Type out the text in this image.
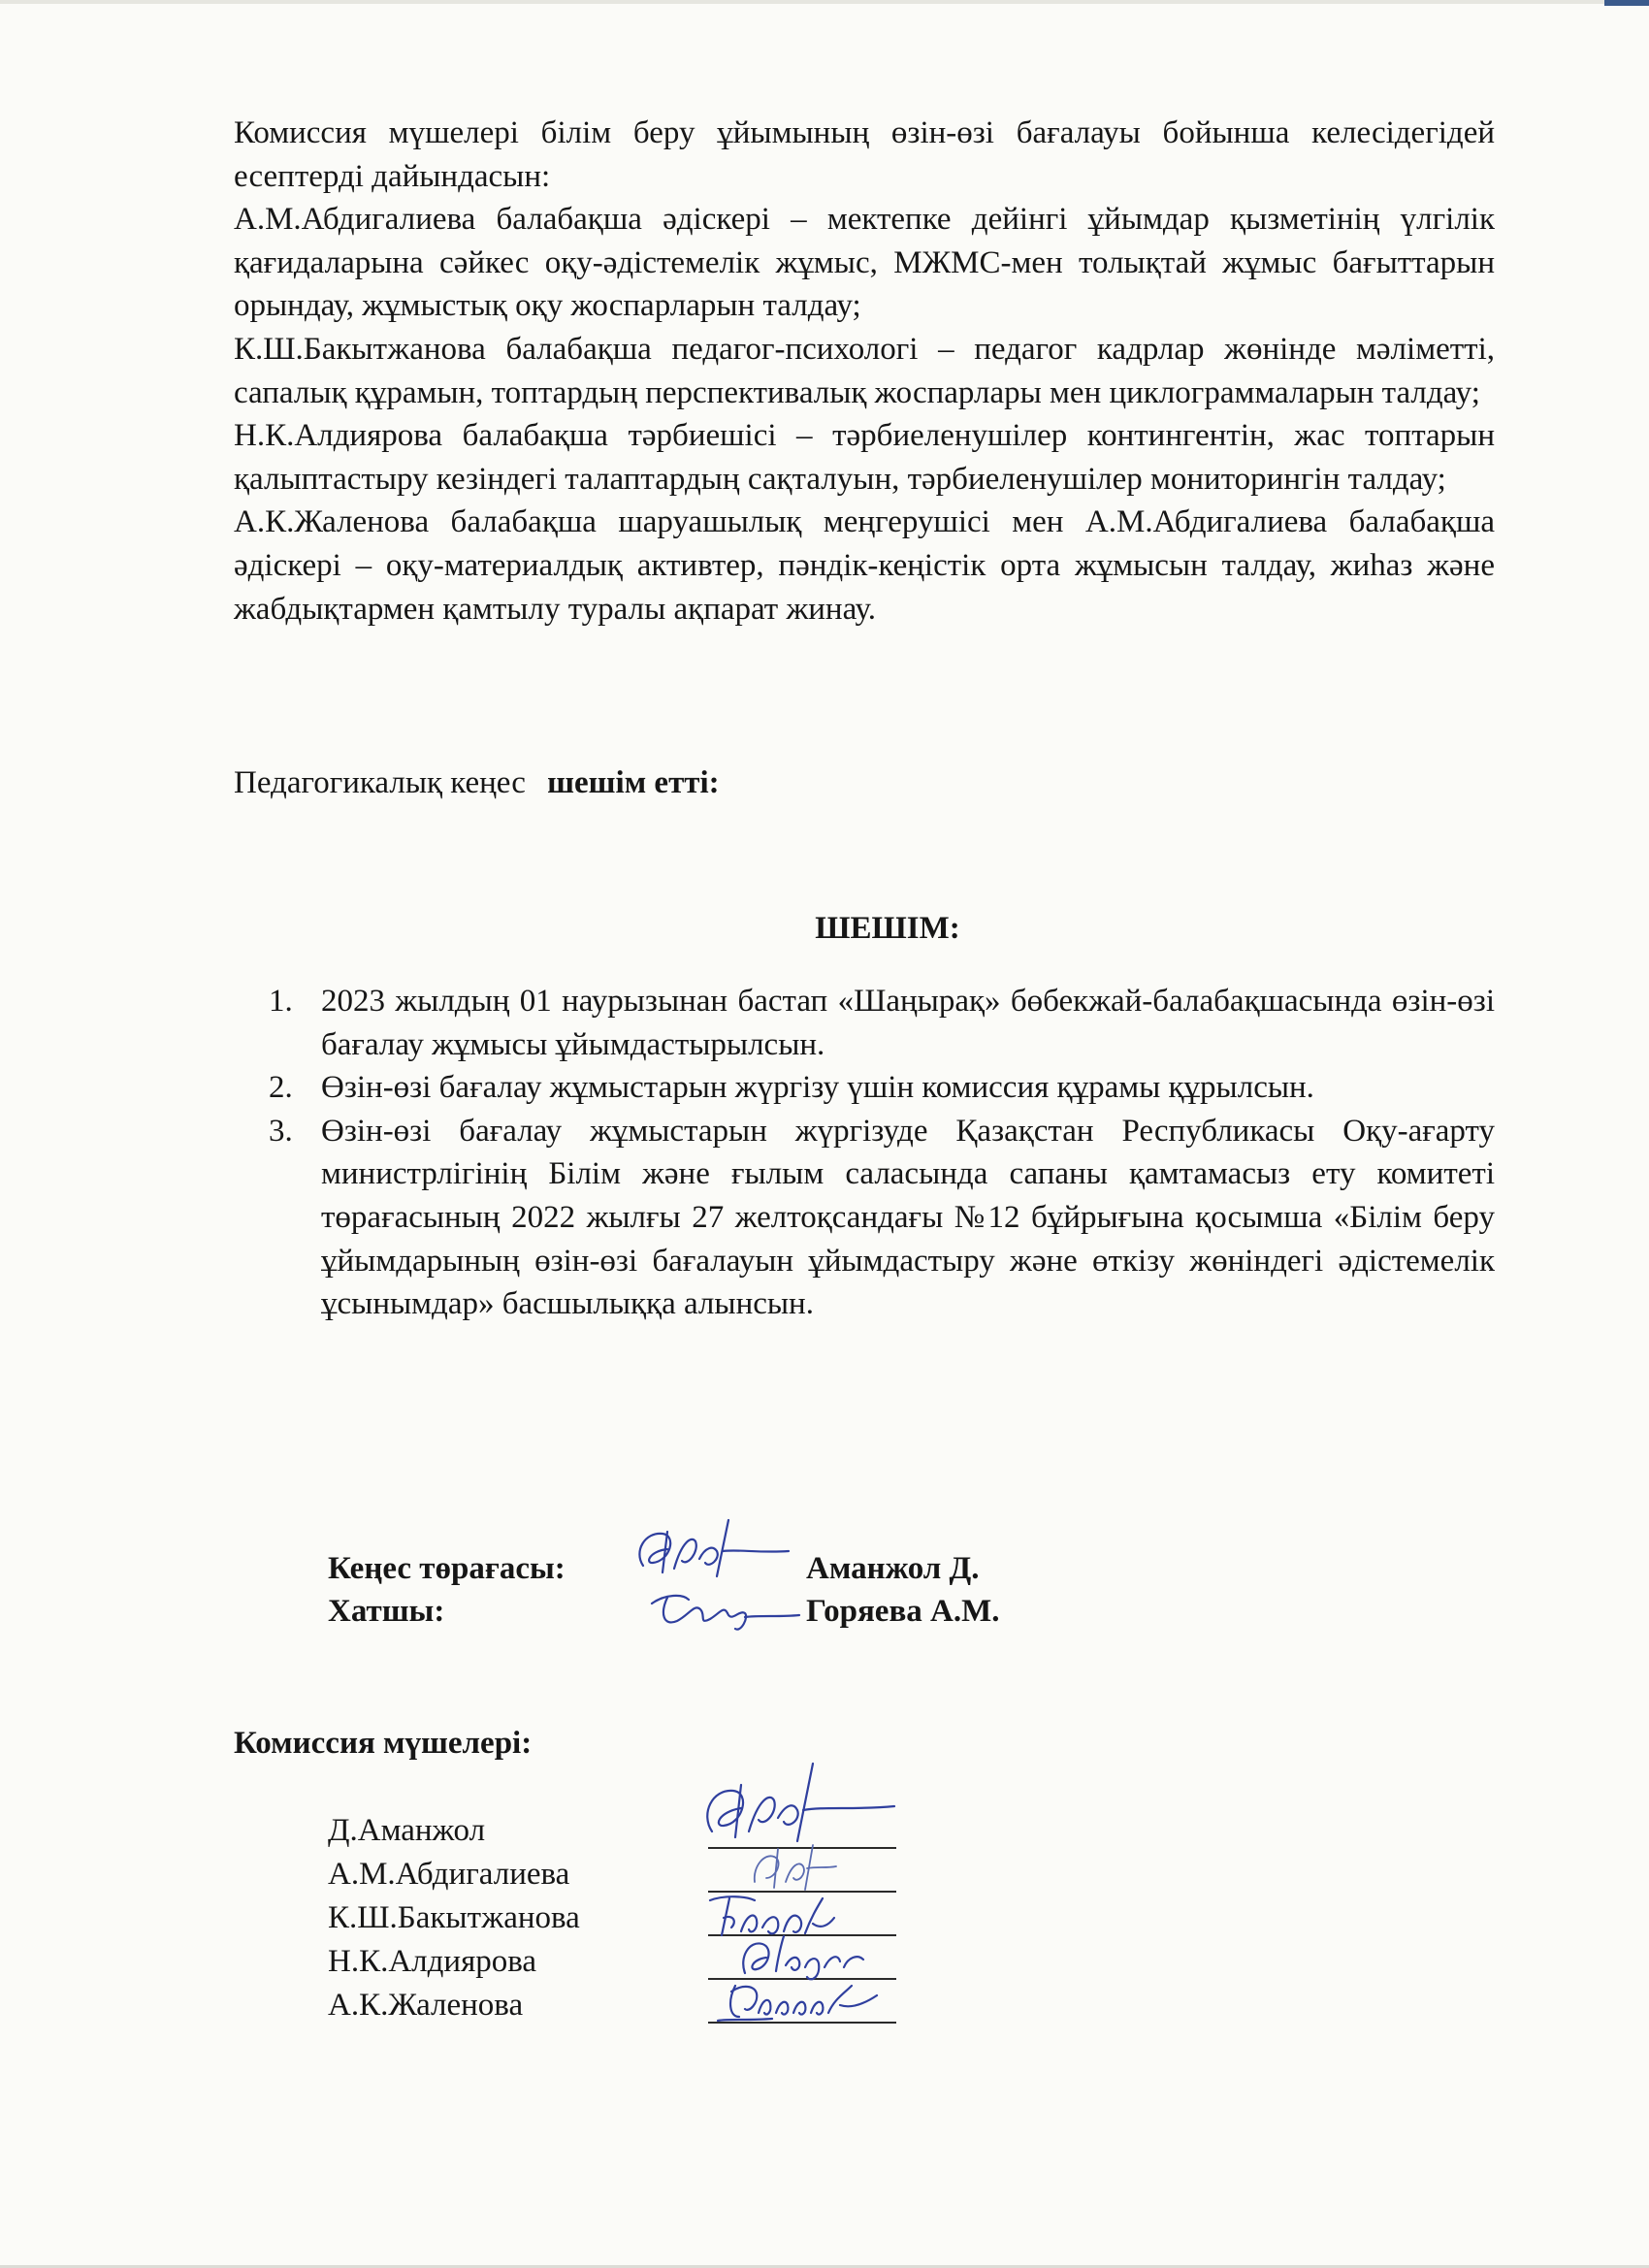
Комиссия мүшелері білім беру ұйымының өзін-өзі бағалауы бойынша келесідегідей есептерді дайындасын:

А.М.Абдигалиева балабақша әдіскері – мектепке дейінгі ұйымдар қызметінің үлгілік қағидаларына сәйкес оқу-әдістемелік жұмыс, МЖМС-мен толықтай жұмыс бағыттарын орындау, жұмыстық оқу жоспарларын талдау;

К.Ш.Бакытжанова балабақша педагог-психологі – педагог кадрлар жөнінде мәліметті, сапалық құрамын, топтардың перспективалық жоспарлары мен циклограммаларын талдау;

Н.К.Алдиярова балабақша тәрбиешісі – тәрбиеленушілер контингентін, жас топтарын қалыптастыру кезіндегі талаптардың сақталуын, тәрбиеленушілер мониторингін талдау;

А.К.Жаленова балабақша шаруашылық меңгерушісі мен А.М.Абдигалиева балабақша әдіскері – оқу-материалдық активтер, пәндік-кеңістік орта жұмысын талдау, жиһаз және жабдықтармен қамтылу туралы ақпарат жинау.

Педагогикалық кеңес шешім етті:
ШЕШІМ:
1. 2023 жылдың 01 наурызынан бастап «Шаңырақ» бөбекжай-балабақшасында өзін-өзі бағалау жұмысы ұйымдастырылсын.
2. Өзін-өзі бағалау жұмыстарын жүргізу үшін комиссия құрамы құрылсын.
3. Өзін-өзі бағалау жұмыстарын жүргізуде Қазақстан Республикасы Оқу-ағарту министрлігінің Білім және ғылым саласында сапаны қамтамасыз ету комитеті төрағасының 2022 жылғы 27 желтоқсандағы №12 бұйрығына қосымша «Білім беру ұйымдарының өзін-өзі бағалауын ұйымдастыру және өткізу жөніндегі әдістемелік ұсынымдар» басшылыққа алынсын.
Кеңес төрағасы:	Аманжол Д.
Хатшы:	Горяева А.М.
Комиссия мүшелері:
Д.Аманжол
А.М.Абдигалиева
К.Ш.Бакытжанова
Н.К.Алдиярова
А.К.Жаленова
